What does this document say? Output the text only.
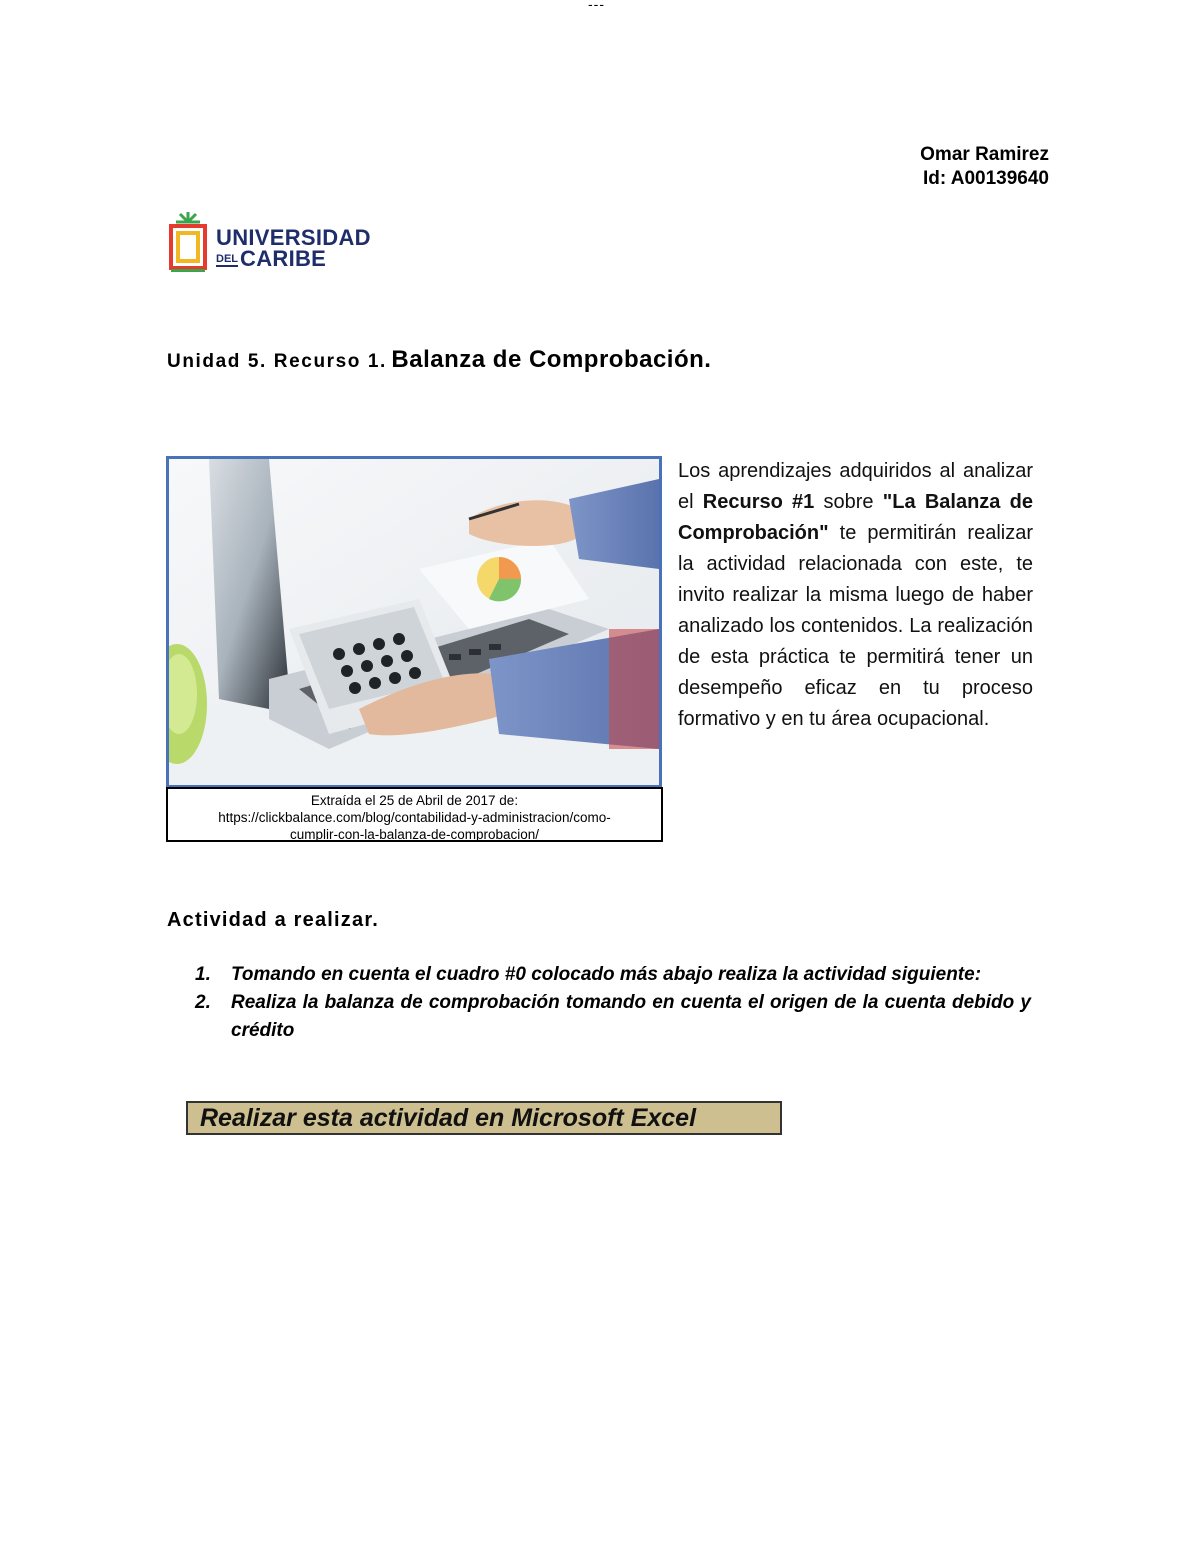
---
Omar Ramirez
Id: A00139640
UNIVERSIDAD
DEL CARIBE
Unidad 5. Recurso 1. Balanza de Comprobación.
Extraída el 25 de Abril de 2017 de:
https://clickbalance.com/blog/contabilidad-y-administracion/como-
cumplir-con-la-balanza-de-comprobacion/
Los aprendizajes adquiridos al analizar el Recurso #1 sobre "La Balanza de Comprobación" te permitirán realizar la actividad relacionada con este, te invito realizar la misma luego de haber analizado los contenidos. La realización de esta práctica te permitirá tener un desempeño eficaz en tu proceso formativo y en tu área ocupacional.
Actividad a realizar.
1. Tomando en cuenta el cuadro #0 colocado más abajo realiza la actividad siguiente:
2. Realiza la balanza de comprobación tomando en cuenta el origen de la cuenta debido y crédito
Realizar esta actividad en Microsoft Excel
